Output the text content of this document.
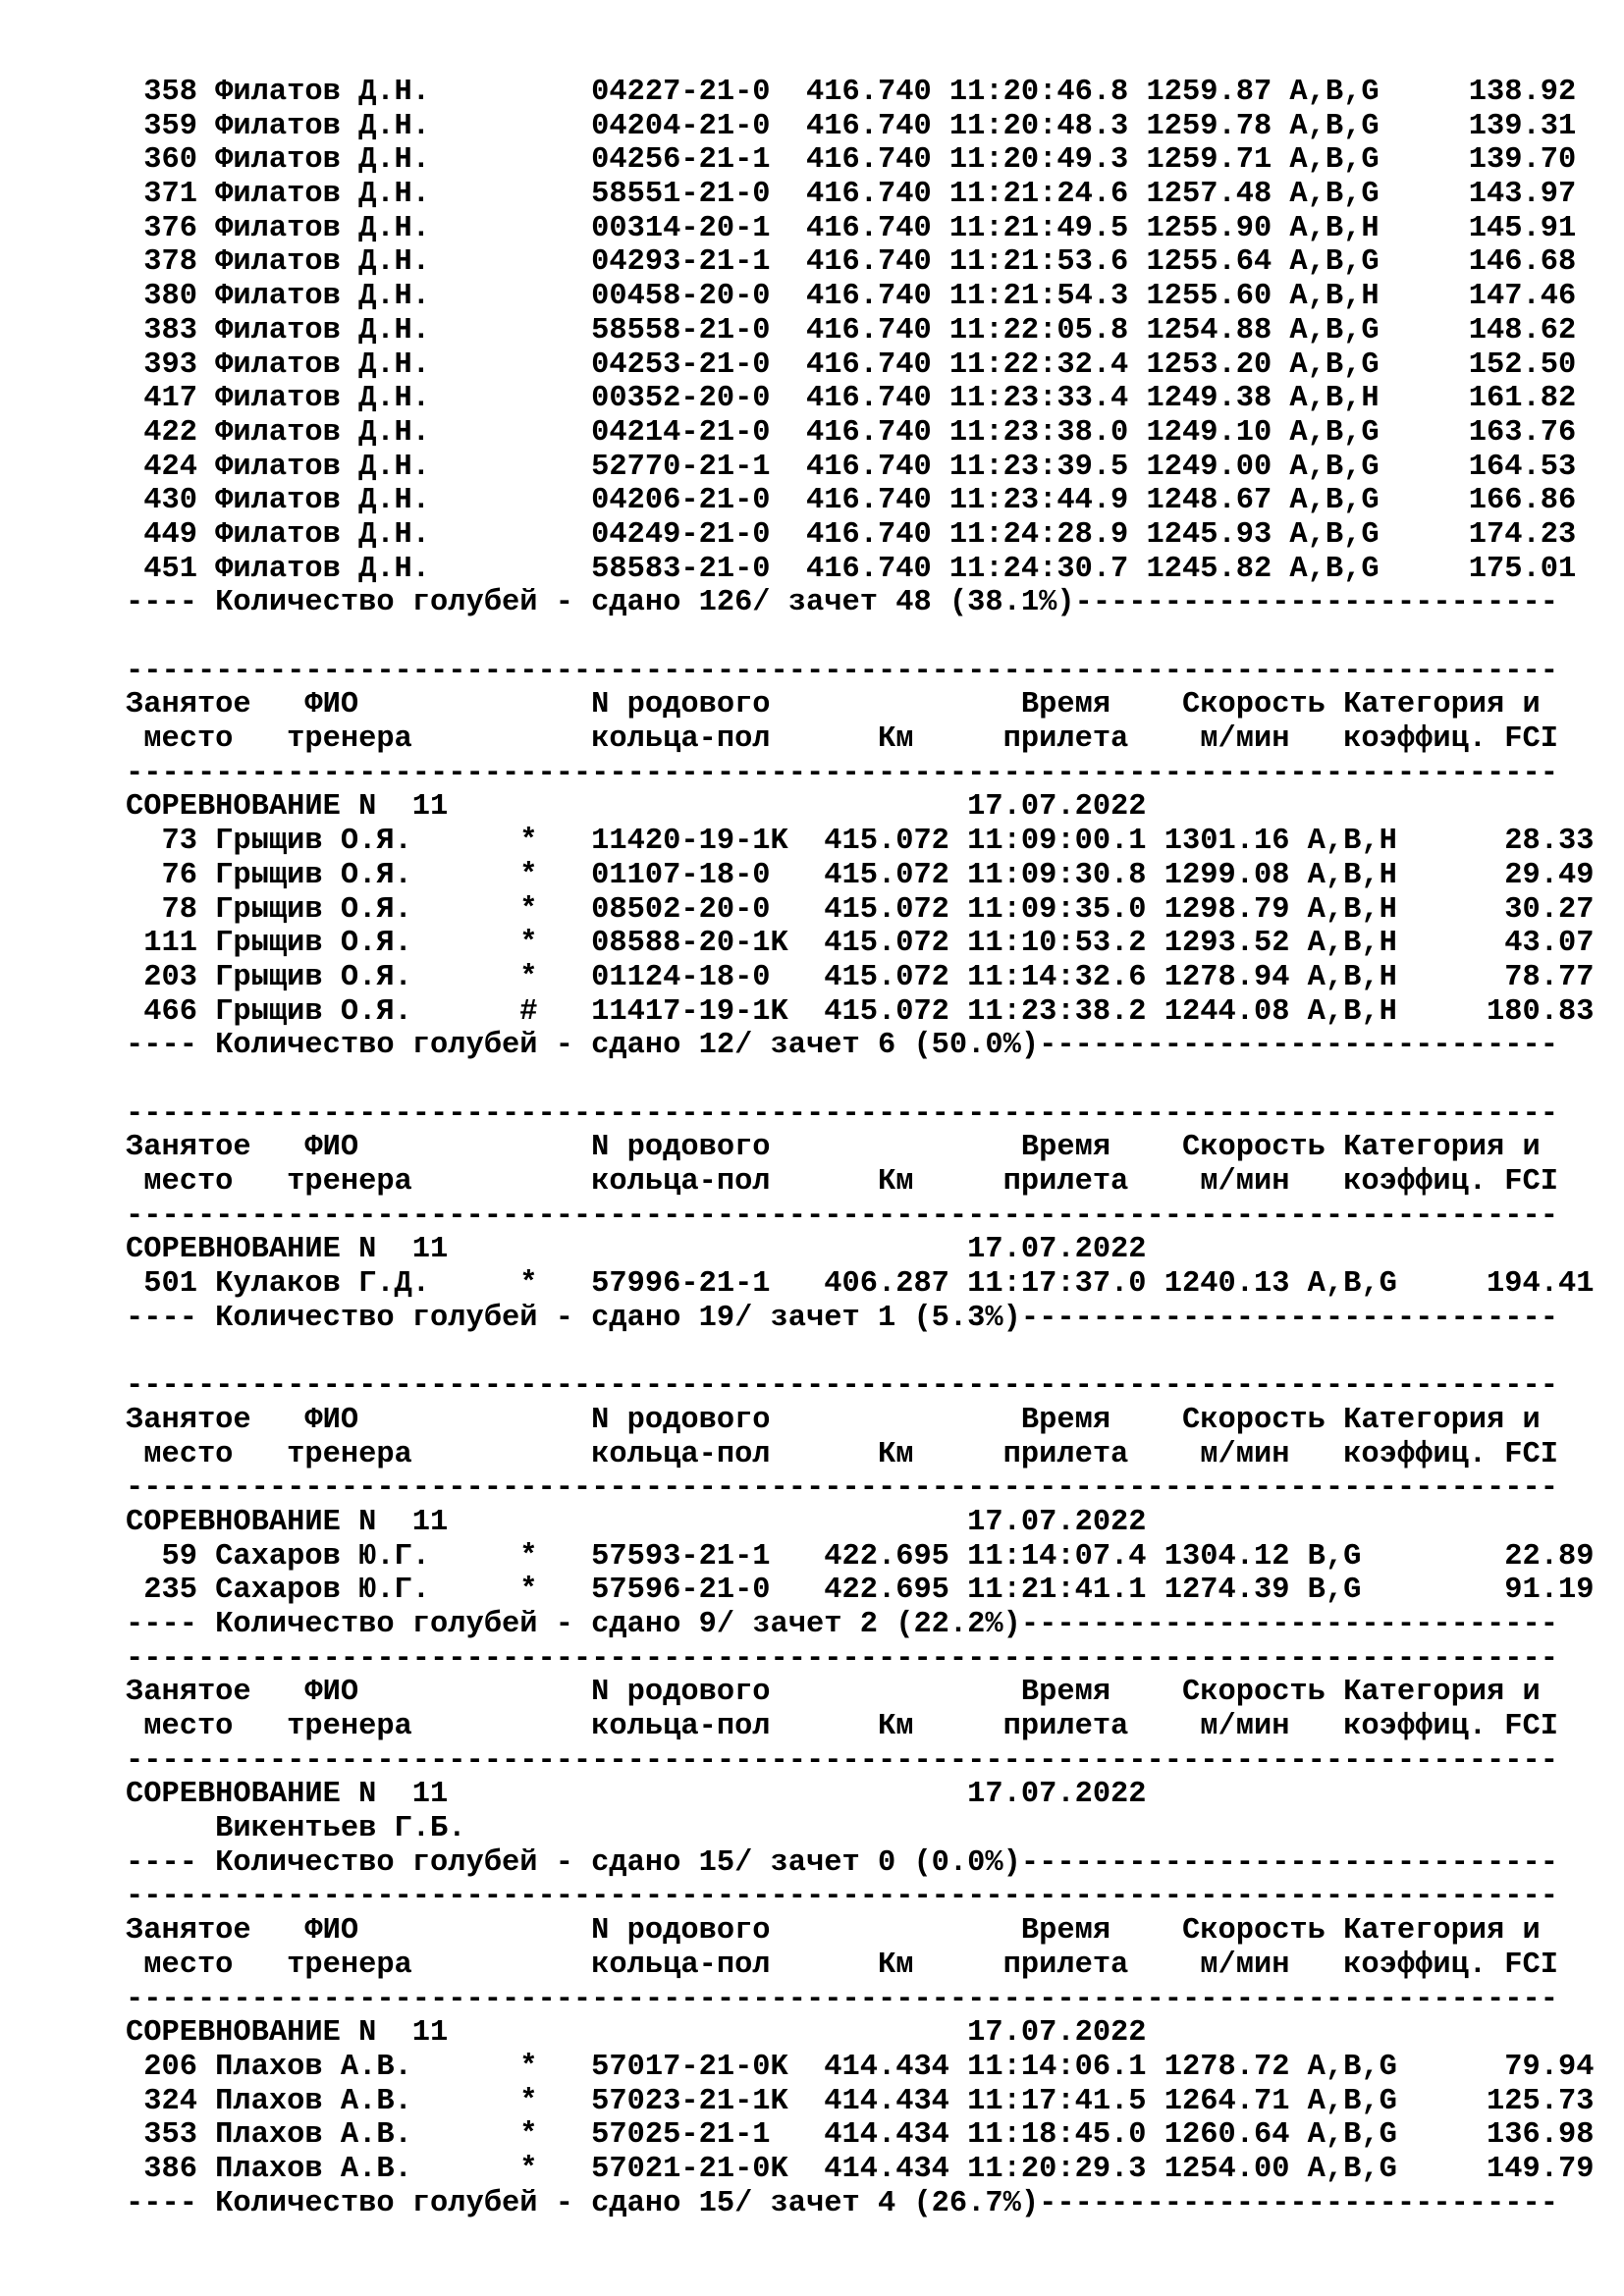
358 Филатов Д.Н.         04227-21-0  416.740 11:20:46.8 1259.87 A,B,G     138.92
359 Филатов Д.Н.         04204-21-0  416.740 11:20:48.3 1259.78 A,B,G     139.31
360 Филатов Д.Н.         04256-21-1  416.740 11:20:49.3 1259.71 A,B,G     139.70
371 Филатов Д.Н.         58551-21-0  416.740 11:21:24.6 1257.48 A,B,G     143.97
376 Филатов Д.Н.         00314-20-1  416.740 11:21:49.5 1255.90 A,B,H     145.91
378 Филатов Д.Н.         04293-21-1  416.740 11:21:53.6 1255.64 A,B,G     146.68
380 Филатов Д.Н.         00458-20-0  416.740 11:21:54.3 1255.60 A,B,H     147.46
383 Филатов Д.Н.         58558-21-0  416.740 11:22:05.8 1254.88 A,B,G     148.62
393 Филатов Д.Н.         04253-21-0  416.740 11:22:32.4 1253.20 A,B,G     152.50
417 Филатов Д.Н.         00352-20-0  416.740 11:23:33.4 1249.38 A,B,H     161.82
422 Филатов Д.Н.         04214-21-0  416.740 11:23:38.0 1249.10 A,B,G     163.76
424 Филатов Д.Н.         52770-21-1  416.740 11:23:39.5 1249.00 A,B,G     164.53
430 Филатов Д.Н.         04206-21-0  416.740 11:23:44.9 1248.67 A,B,G     166.86
449 Филатов Д.Н.         04249-21-0  416.740 11:24:28.9 1245.93 A,B,G     174.23
451 Филатов Д.Н.         58583-21-0  416.740 11:24:30.7 1245.82 A,B,G     175.01
---- Количество голубей - сдано 126/ зачет 48 (38.1%)---------------------------
--------------------------------------------------------------------------------
Занятое   ФИО             N родового              Время    Скорость Категория и
место   тренера          кольца-пол      Км     прилета    м/мин   коэффиц. FCI
--------------------------------------------------------------------------------
СОРЕВНОВАНИЕ N  11                             17.07.2022
73 Грыщив О.Я.      *   11420-19-1K  415.072 11:09:00.1 1301.16 A,B,H      28.33
76 Грыщив О.Я.      *   01107-18-0   415.072 11:09:30.8 1299.08 A,B,H      29.49
78 Грыщив О.Я.      *   08502-20-0   415.072 11:09:35.0 1298.79 A,B,H      30.27
111 Грыщив О.Я.      *   08588-20-1K  415.072 11:10:53.2 1293.52 A,B,H      43.07
203 Грыщив О.Я.      *   01124-18-0   415.072 11:14:32.6 1278.94 A,B,H      78.77
466 Грыщив О.Я.      #   11417-19-1K  415.072 11:23:38.2 1244.08 A,B,H     180.83
---- Количество голубей - сдано 12/ зачет 6 (50.0%)-----------------------------
--------------------------------------------------------------------------------
Занятое   ФИО             N родового              Время    Скорость Категория и
место   тренера          кольца-пол      Км     прилета    м/мин   коэффиц. FCI
--------------------------------------------------------------------------------
СОРЕВНОВАНИЕ N  11                             17.07.2022
501 Кулаков Г.Д.     *   57996-21-1   406.287 11:17:37.0 1240.13 A,B,G     194.41
---- Количество голубей - сдано 19/ зачет 1 (5.3%)------------------------------
--------------------------------------------------------------------------------
Занятое   ФИО             N родового              Время    Скорость Категория и
место   тренера          кольца-пол      Км     прилета    м/мин   коэффиц. FCI
--------------------------------------------------------------------------------
СОРЕВНОВАНИЕ N  11                             17.07.2022
59 Сахаров Ю.Г.     *   57593-21-1   422.695 11:14:07.4 1304.12 B,G        22.89
235 Сахаров Ю.Г.     *   57596-21-0   422.695 11:21:41.1 1274.39 B,G        91.19
---- Количество голубей - сдано 9/ зачет 2 (22.2%)------------------------------
--------------------------------------------------------------------------------
Занятое   ФИО             N родового              Время    Скорость Категория и
место   тренера          кольца-пол      Км     прилета    м/мин   коэффиц. FCI
--------------------------------------------------------------------------------
СОРЕВНОВАНИЕ N  11                             17.07.2022
Викентьев Г.Б.
---- Количество голубей - сдано 15/ зачет 0 (0.0%)------------------------------
--------------------------------------------------------------------------------
Занятое   ФИО             N родового              Время    Скорость Категория и
место   тренера          кольца-пол      Км     прилета    м/мин   коэффиц. FCI
--------------------------------------------------------------------------------
СОРЕВНОВАНИЕ N  11                             17.07.2022
206 Плахов А.В.      *   57017-21-0K  414.434 11:14:06.1 1278.72 A,B,G      79.94
324 Плахов А.В.      *   57023-21-1K  414.434 11:17:41.5 1264.71 A,B,G     125.73
353 Плахов А.В.      *   57025-21-1   414.434 11:18:45.0 1260.64 A,B,G     136.98
386 Плахов А.В.      *   57021-21-0K  414.434 11:20:29.3 1254.00 A,B,G     149.79
---- Количество голубей - сдано 15/ зачет 4 (26.7%)-----------------------------
